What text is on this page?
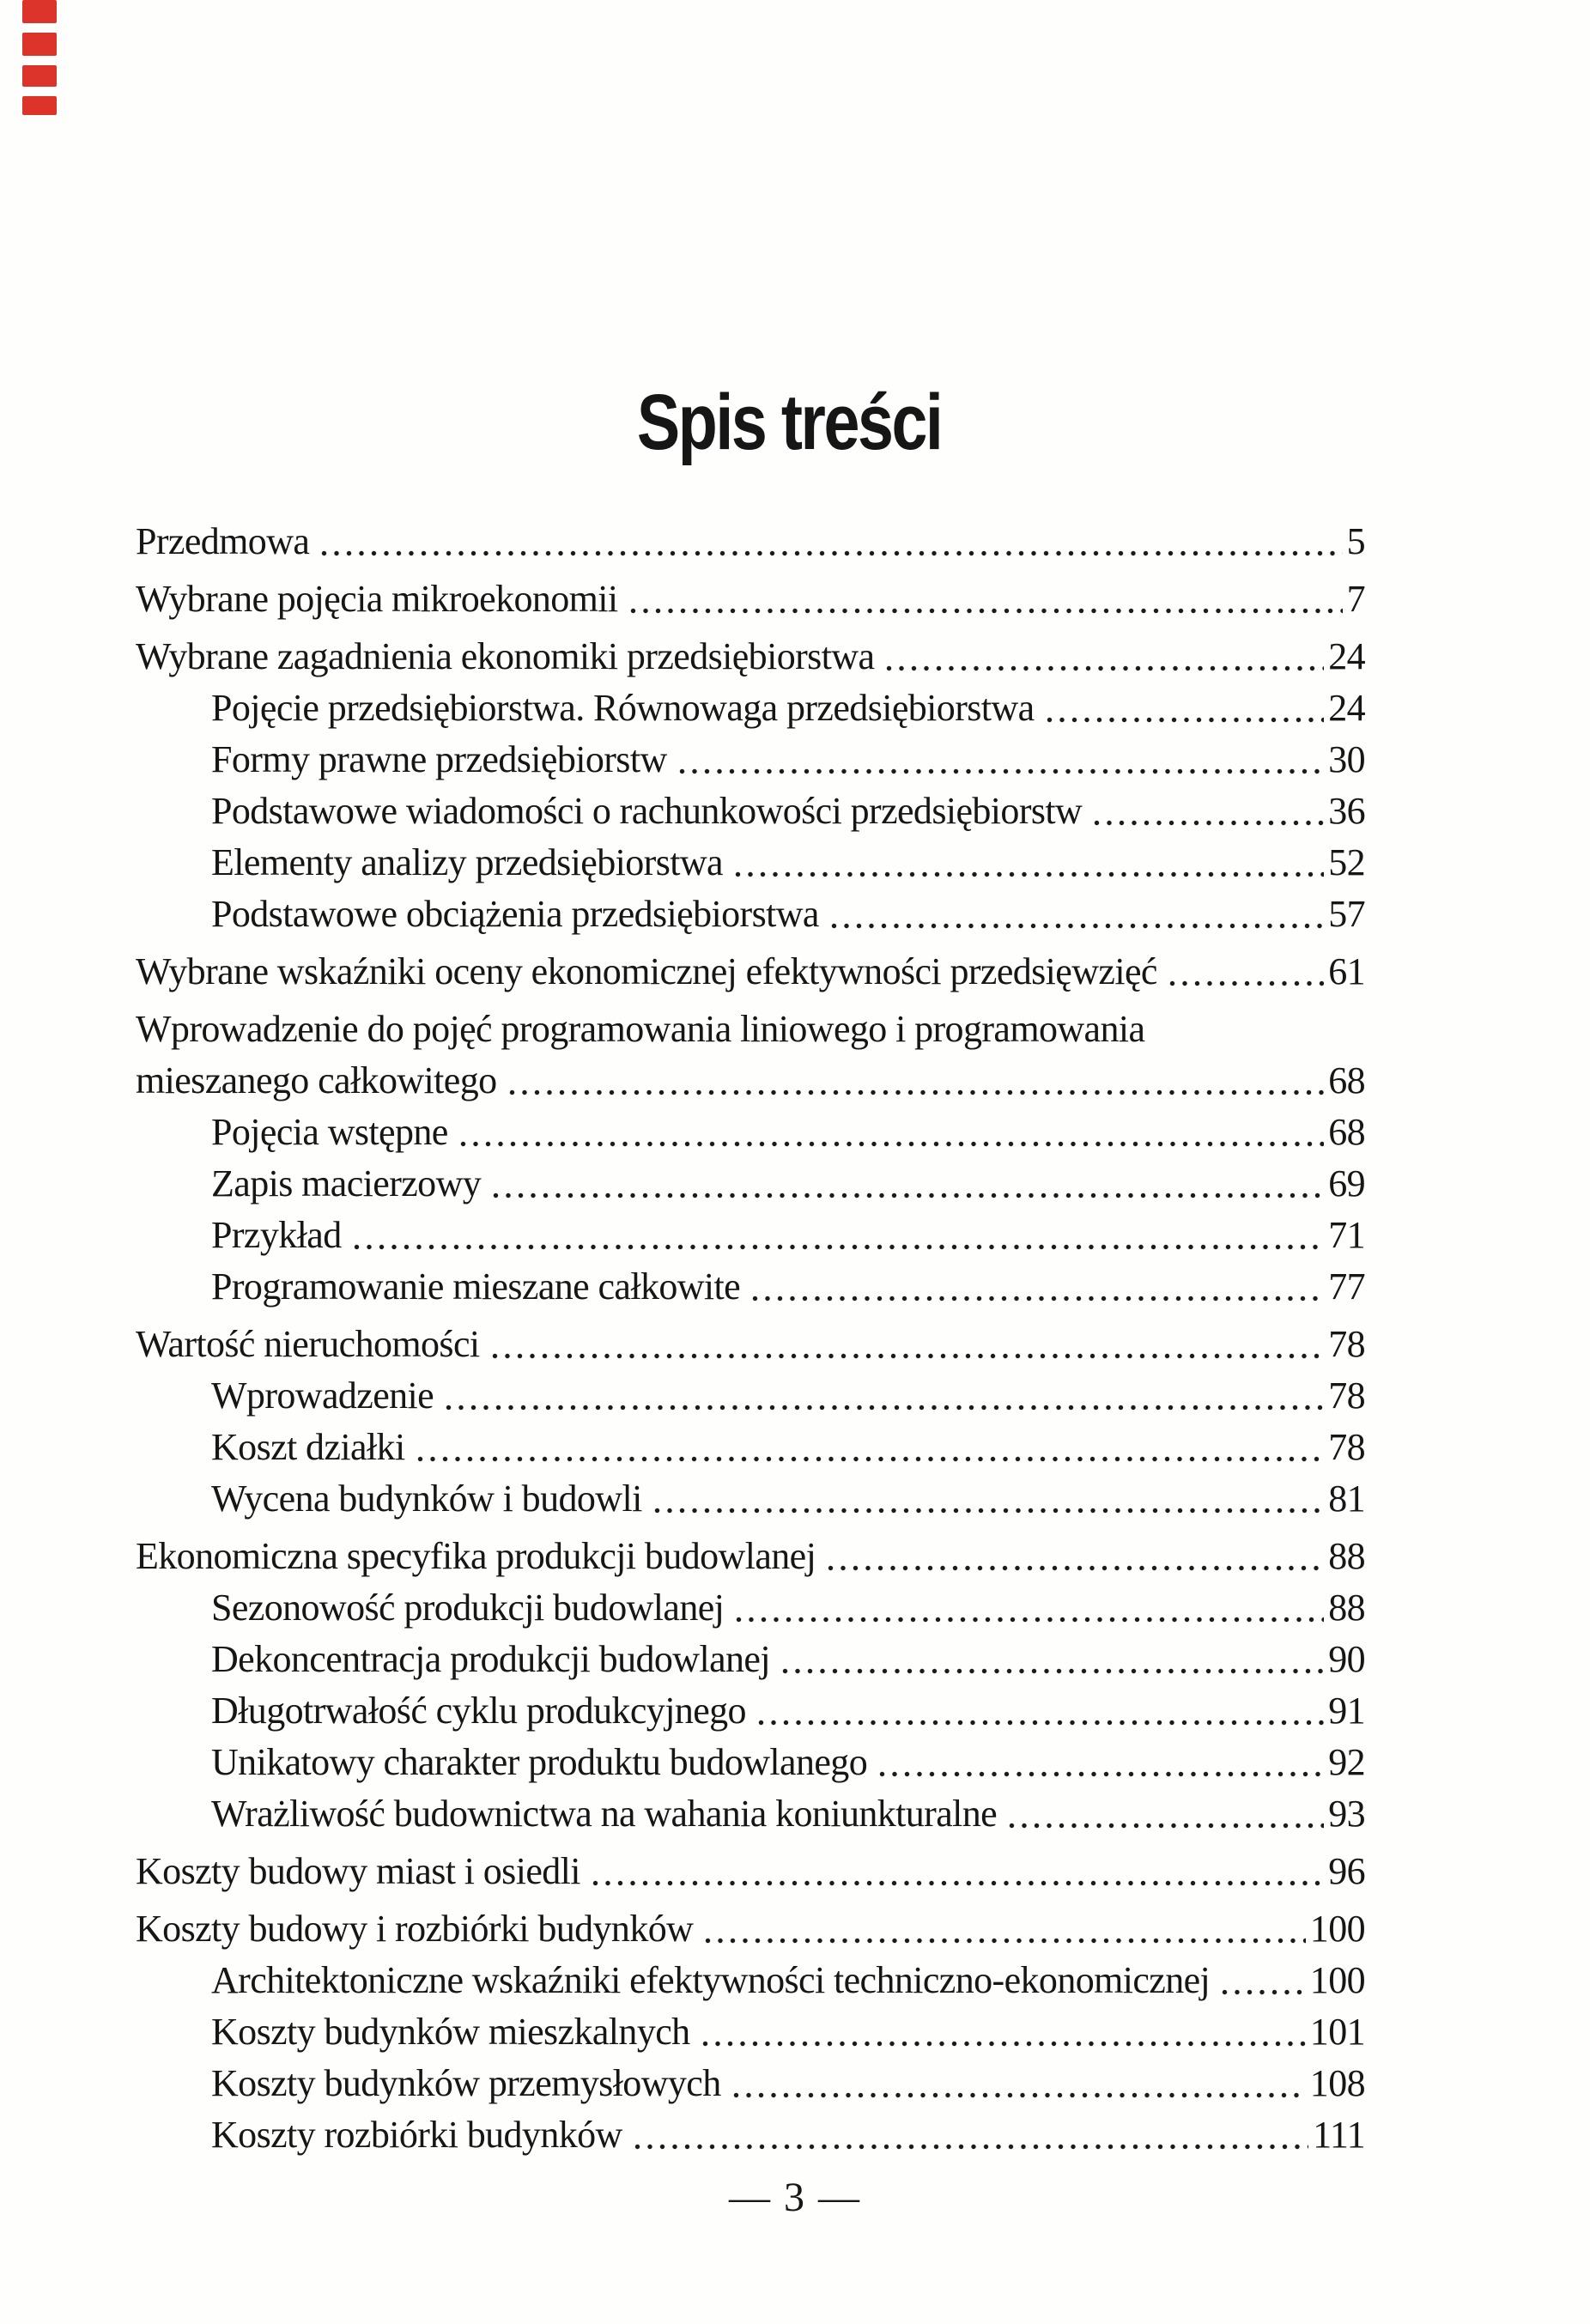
Spis treści
Przedmowa	5
Wybrane pojęcia mikroekonomii	7
Wybrane zagadnienia ekonomiki przedsiębiorstwa	24
Pojęcie przedsiębiorstwa. Równowaga przedsiębiorstwa	24
Formy prawne przedsiębiorstw	30
Podstawowe wiadomości o rachunkowości przedsiębiorstw	36
Elementy analizy przedsiębiorstwa	52
Podstawowe obciążenia przedsiębiorstwa	57
Wybrane wskaźniki oceny ekonomicznej efektywności przedsięwzięć	61
Wprowadzenie do pojęć programowania liniowego i programowania
mieszanego całkowitego	68
Pojęcia wstępne	68
Zapis macierzowy	69
Przykład	71
Programowanie mieszane całkowite	77
Wartość nieruchomości	78
Wprowadzenie	78
Koszt działki	78
Wycena budynków i budowli	81
Ekonomiczna specyfika produkcji budowlanej	88
Sezonowość produkcji budowlanej	88
Dekoncentracja produkcji budowlanej	90
Długotrwałość cyklu produkcyjnego	91
Unikatowy charakter produktu budowlanego	92
Wrażliwość budownictwa na wahania koniunkturalne	93
Koszty budowy miast i osiedli	96
Koszty budowy i rozbiórki budynków	100
Architektoniczne wskaźniki efektywności techniczno-ekonomicznej	100
Koszty budynków mieszkalnych	101
Koszty budynków przemysłowych	108
Koszty rozbiórki budynków	111
— 3 —
